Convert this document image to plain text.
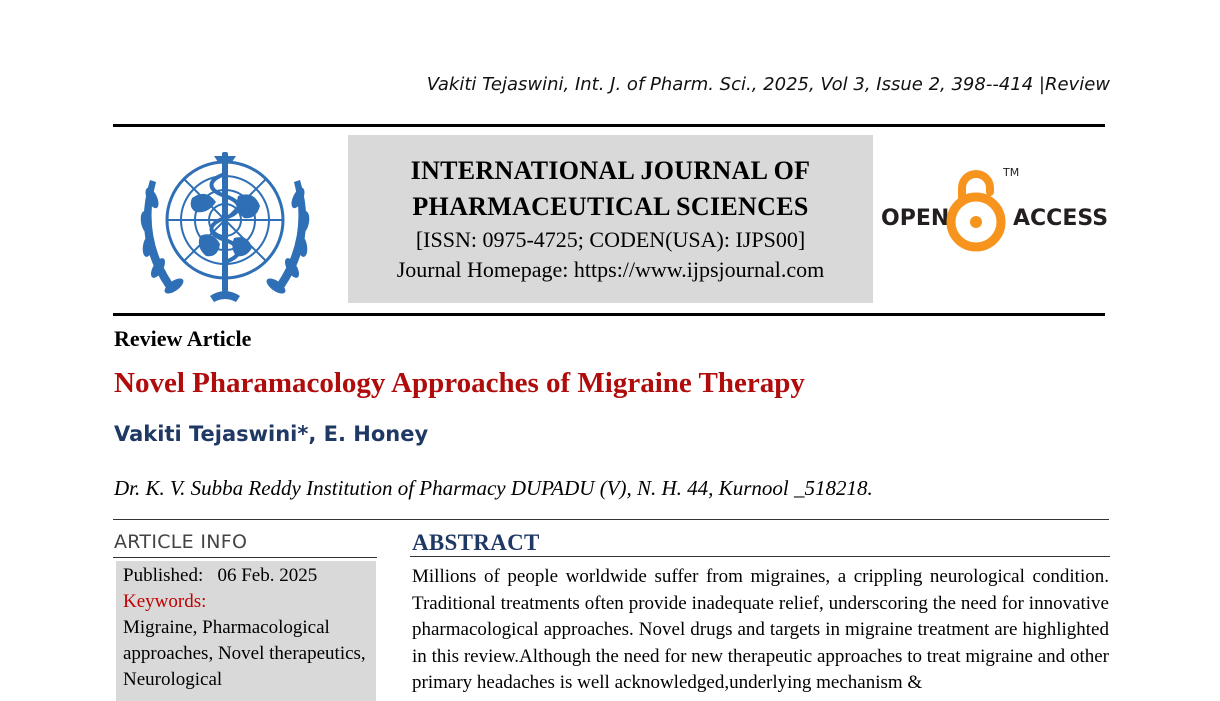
Vakiti Tejaswini, Int. J. of Pharm. Sci., 2025, Vol 3, Issue 2, 398--414 |Review
INTERNATIONAL JOURNAL OF
PHARMACEUTICAL SCIENCES
[ISSN: 0975-4725; CODEN(USA): IJPS00]
Journal Homepage: https://www.ijpsjournal.com
OPEN
TM
ACCESS
Review Article
Novel Pharamacology Approaches of Migraine Therapy
Vakiti Tejaswini*, E. Honey
Dr. K. V. Subba Reddy Institution of Pharmacy DUPADU (V), N. H. 44, Kurnool _518218.
ARTICLE INFO
Published: 06 Feb. 2025
Keywords:
Migraine, Pharmacological approaches, Novel therapeutics, Neurological
ABSTRACT
Millions of people worldwide suffer from migraines, a crippling neurological condition. Traditional treatments often provide inadequate relief, underscoring the need for innovative pharmacological approaches. Novel drugs and targets in migraine treatment are highlighted in this review.Although the need for new therapeutic approaches to treat migraine and other primary headaches is well acknowledged,underlying mechanism &
